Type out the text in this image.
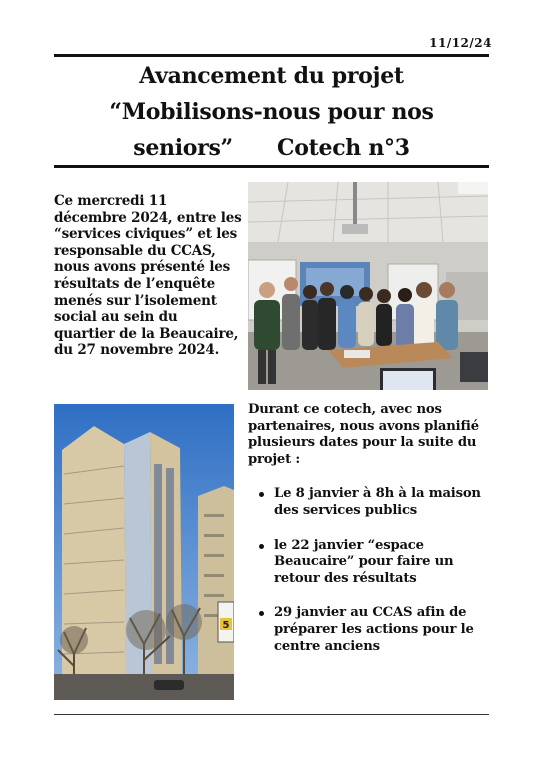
11/12/24
Avancement du projet
“Mobilisons-nous pour nos
seniors”      Cotech n°3
Ce mercredi 11 décembre 2024, entre les “services civiques” et les responsable du CCAS, nous avons présenté les résultats de l’enquête menés sur l’isolement social au sein du quartier de la Beaucaire, du 27 novembre 2024.
5
Durant ce cotech, avec nos partenaires, nous avons planifié plusieurs dates pour la suite du projet :
Le 8 janvier à 8h à la maison des services publics
le 22 janvier “espace Beaucaire” pour faire un retour des résultats
29 janvier au CCAS afin de préparer les actions pour le centre anciens
